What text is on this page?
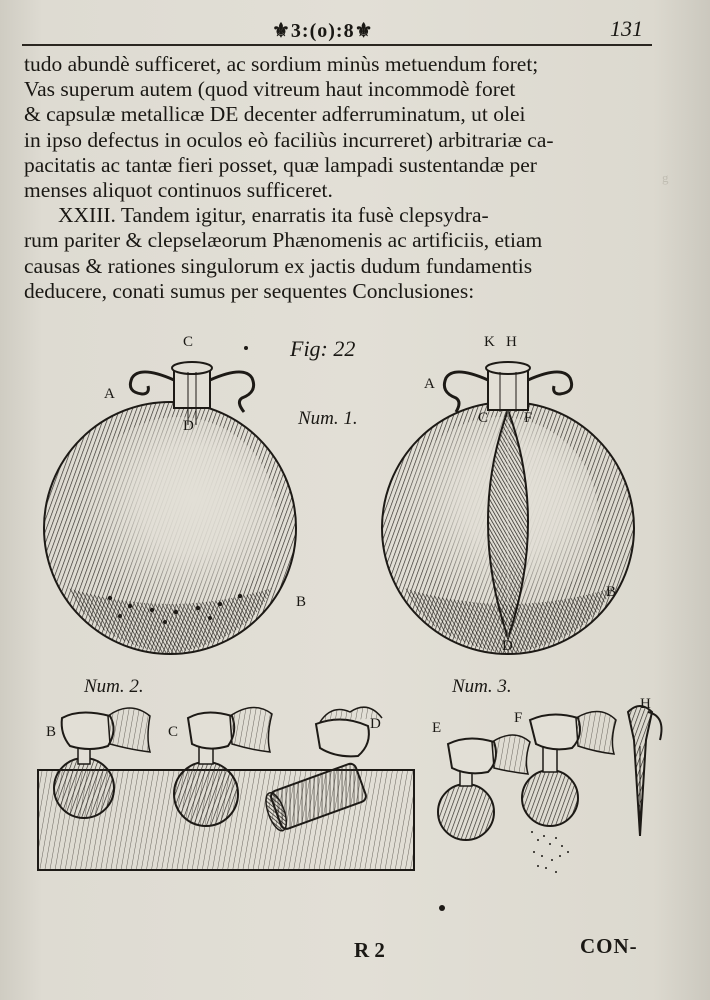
⚜3:(o):8⚜	131
g
tudo abundè sufficeret, ac sordium minùs metuendum foret;
Vas superum autem (quod vitreum haut incommodè foret
& capsulæ metallicæ DE decenter adferruminatum, ut olei
in ipso defectus in oculos eò faciliùs incurreret) arbitrariæ ca-
pacitatis ac tantæ fieri posset, quæ lampadi sustentandæ per
menses aliquot continuos sufficeret.
XXIII. Tandem igitur, enarratis ita fusè clepsydra-
rum pariter & clepselæorum Phænomenis ac artificiis, etiam
causas & rationes singulorum ex jactis dudum fundamentis
deducere, conati sumus per sequentes Conclusiones:
Fig: 22
Num. 1.
Num. 2.	Num. 3.
C
A
D
B
K H
A
C F
B
D
B	C	D	E
F
H
R 2	CON-
